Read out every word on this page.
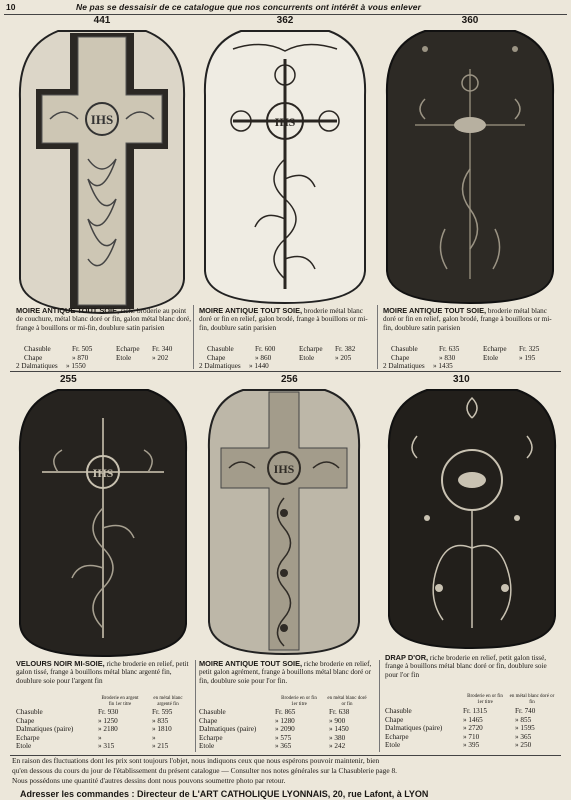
10	Ne pas se dessaisir de ce catalogue que nos concurrents ont intérêt à vous enlever
441
IHS
MOIRE ANTIQUE TOUT SOIE, riche broderie au point de couchure, métal blanc doré or fin, galon métal blanc doré, frange à bouillons or mi-fin, doublure satin parisien
Chasuble	Fr. 505	Echarpe Fr. 340
Chape	» 870	Etole	» 202
2 Dalmatiques » 1550
362
IHS
MOIRE ANTIQUE TOUT SOIE, broderie métal blanc doré or fin en relief, galon brodé, frange à bouillons or mi-fin, doublure satin parisien
Chasuble	Fr. 600	Echarpe Fr. 382
Chape	» 860	Etole	» 205
2 Dalmatiques » 1440
360
MOIRE ANTIQUE TOUT SOIE, broderie métal blanc doré or fin en relief, galon brodé, frange à bouillons or mi-fin, doublure satin parisien
Chasuble	Fr. 635	Echarpe Fr. 325
Chape	» 830	Etole	» 195
2 Dalmatiques » 1435
255
IHS
VELOURS NOIR MI-SOIE, riche broderie en relief, petit galon tissé, frange à bouillons métal blanc argenté fin, doublure soie pour l'argent fin
Broderie en argent fin 1er titre
en métal blanc argenté fin
Chasuble	Fr. 930	Fr. 595
Chape	» 1250	» 835
Dalmatiques (paire)	» 2180	» 1810
Echarpe	»	»
Etole	» 315	» 215
256
IHS
MOIRE ANTIQUE TOUT SOIE, riche broderie en relief, petit galon agrément, frange à bouillons métal blanc doré or fin, doublure soie pour l'or fin.
Broderie en or fin 1er titre
en métal blanc doré or fin
Chasuble	Fr. 865	Fr. 638
Chape	» 1280	» 900
Dalmatiques (paire)	» 2090	» 1450
Echarpe	» 575	» 380
Etole	» 365	» 242
310
DRAP D'OR, riche broderie en relief, petit galon tissé, frange à bouillons métal blanc doré or fin, doublure soie pour l'or fin
Broderie en or fin 1er titre
en métal blanc doré or fin
Chasuble	Fr. 1315	Fr. 740
Chape	» 1465	» 855
Dalmatiques (paire)	» 2720	» 1595
Echarpe	» 710	» 365
Etole	» 395	» 250
En raison des fluctuations dont les prix sont toujours l'objet, nous indiquons ceux que nous espérons pouvoir maintenir, bien
qu'en dessous du cours du jour de l'établissement du présent catalogue — Consulter nos notes générales sur la Chasublerie page 8.
Nous possédons une quantité d'autres dessins dont nous pouvons soumettre photo par retour.
Adresser les commandes : Directeur de L'ART CATHOLIQUE LYONNAIS, 20, rue Lafont, à LYON
